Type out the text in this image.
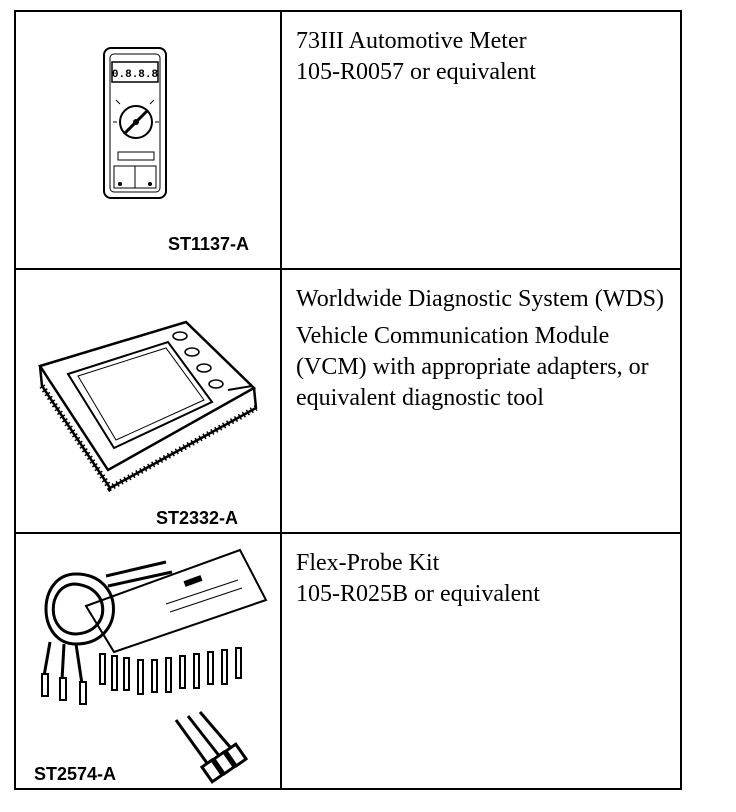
0.8.8.8
ST1137-A
73III Automotive Meter
105-R0057 or equivalent
ST2332-A

Worldwide Diagnostic System (WDS)

Vehicle Communication Module (VCM) with appropriate adapters, or equivalent diagnostic tool

ST2574-A
Flex-Probe Kit
105-R025B or equivalent
